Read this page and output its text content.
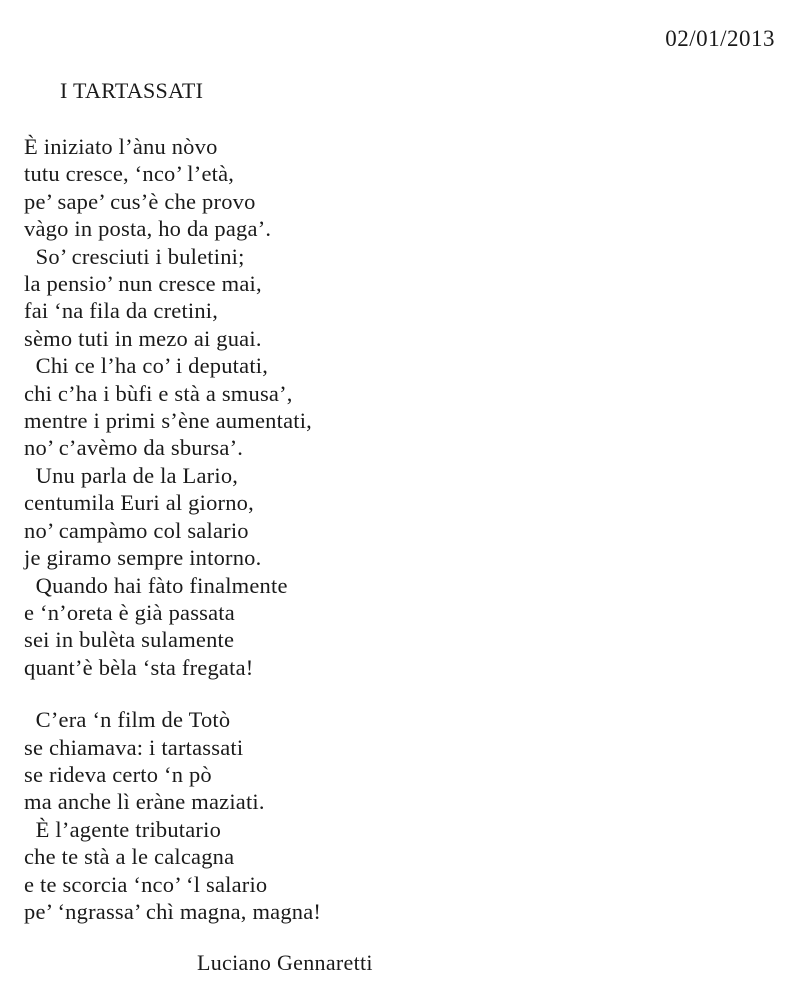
02/01/2013
I TARTASSATI
È iniziato l’ànu nòvo
tutu cresce, ‘nco’ l’età,
pe’ sape’ cus’è che provo
vàgo in posta, ho da paga’.
So’ cresciuti i buletini;
la pensio’ nun cresce mai,
fai ‘na fila da cretini,
sèmo tuti in mezo ai guai.
Chi ce l’ha co’ i deputati,
chi c’ha i bùfi e stà a smusa’,
mentre i primi s’ène aumentati,
no’ c’avèmo da sbursa’.
Unu parla de la Lario,
centumila Euri al giorno,
no’ campàmo col salario
je giramo sempre intorno.
Quando hai fàto finalmente
e ‘n’oreta è già passata
sei in bulèta sulamente
quant’è bèla ‘sta fregata!
C’era ‘n film de Totò
se chiamava: i tartassati
se rideva certo ‘n pò
ma anche lì eràne maziati.
È l’agente tributario
che te stà a le calcagna
e te scorcia ‘nco’ ‘l salario
pe’ ‘ngrassa’ chì magna, magna!
Luciano Gennaretti
